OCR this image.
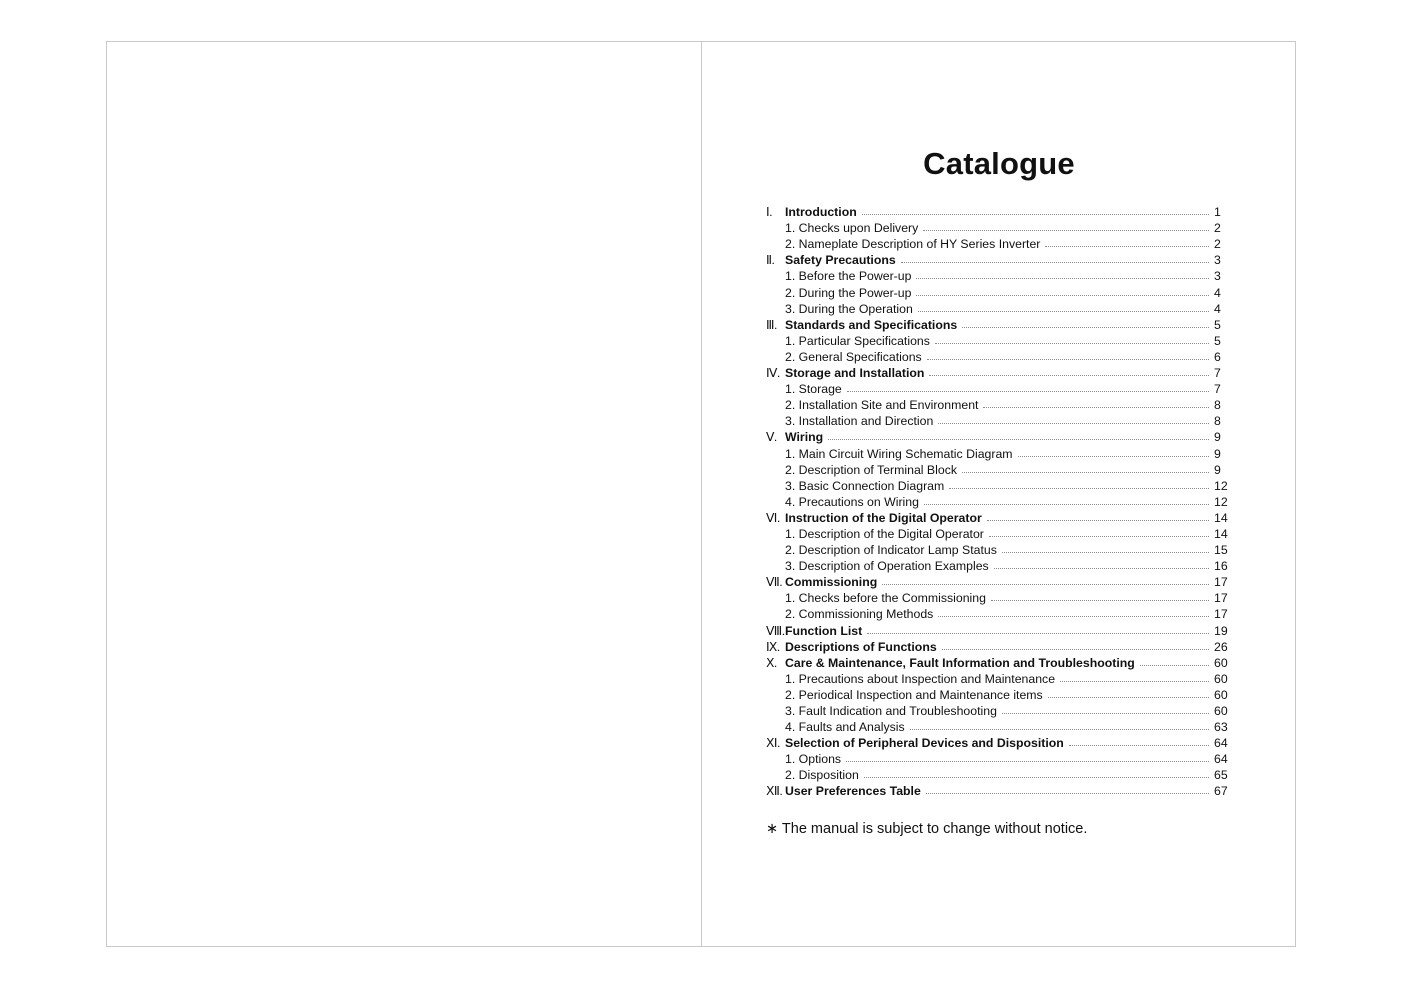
Catalogue
Ⅰ. Introduction	1
1. Checks upon Delivery	2
2. Nameplate Description of HY Series Inverter	2
Ⅱ. Safety Precautions	3
1. Before the Power-up	3
2. During the Power-up	4
3. During the Operation	4
Ⅲ. Standards and Specifications	5
1. Particular Specifications	5
2. General Specifications	6
Ⅳ. Storage and Installation	7
1. Storage	7
2. Installation Site and Environment	8
3. Installation and Direction	8
Ⅴ. Wiring	9
1. Main Circuit Wiring Schematic Diagram	9
2. Description of Terminal Block	9
3. Basic Connection Diagram	12
4. Precautions on Wiring	12
Ⅵ. Instruction of the Digital Operator	14
1. Description of the Digital Operator	14
2. Description of Indicator Lamp Status	15
3. Description of Operation Examples	16
Ⅶ. Commissioning	17
1. Checks before the Commissioning	17
2. Commissioning Methods	17
Ⅷ.Function List	19
Ⅸ. Descriptions of Functions	26
Ⅹ. Care & Maintenance, Fault Information and Troubleshooting	60
1. Precautions about Inspection and Maintenance	60
2. Periodical Inspection and Maintenance items	60
3. Fault Indication and Troubleshooting	60
4. Faults and Analysis	63
Ⅺ. Selection of Peripheral Devices and Disposition	64
1. Options	64
2. Disposition	65
Ⅻ. User Preferences Table	67

∗ The manual is subject to change without notice.
